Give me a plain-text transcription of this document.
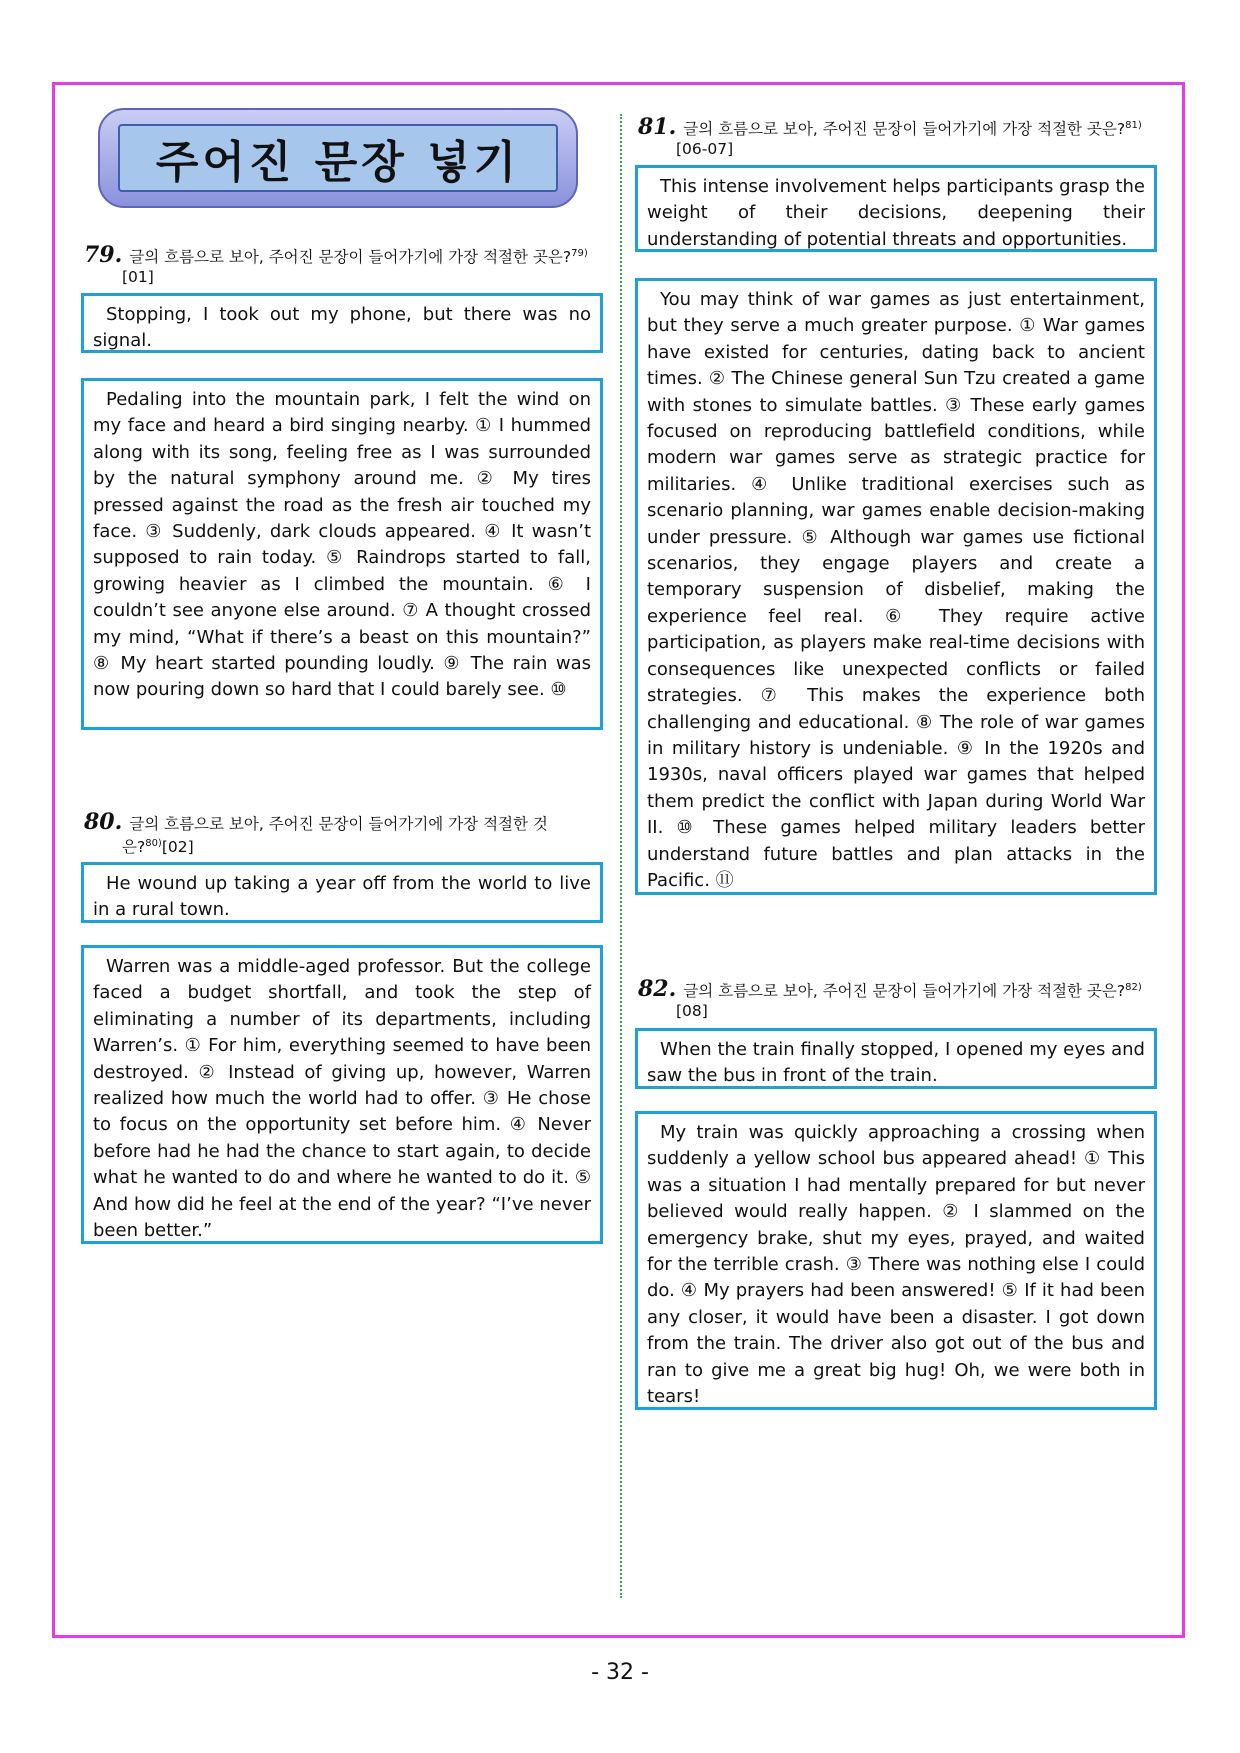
주어진 문장 넣기
79. 글의 흐름으로 보아, 주어진 문장이 들어가기에 가장 적절한 곳은?$^{79)}$
[01]

Stopping, I took out my phone, but there was no signal.

Pedaling into the mountain park, I felt the wind on my face and heard a bird singing nearby. ① I hummed along with its song, feeling free as I was surrounded by the natural symphony around me. ② My tires pressed against the road as the fresh air touched my face. ③ Suddenly, dark clouds appeared. ④ It wasn’t supposed to rain today. ⑤ Raindrops started to fall, growing heavier as I climbed the mountain. ⑥ I couldn’t see anyone else around. ⑦ A thought crossed my mind, “What if there’s a beast on this mountain?” ⑧ My heart started pounding loudly. ⑨ The rain was now pouring down so hard that I could barely see. ⑩

80. 글의 흐름으로 보아, 주어진 문장이 들어가기에 가장 적절한 것
은?$^{80)}$[02]

He wound up taking a year off from the world to live in a rural town.

Warren was a middle-aged professor. But the college faced a budget shortfall, and took the step of eliminating a number of its departments, including Warren’s. ① For him, everything seemed to have been destroyed. ② Instead of giving up, however, Warren realized how much the world had to offer. ③ He chose to focus on the opportunity set before him. ④ Never before had he had the chance to start again, to decide what he wanted to do and where he wanted to do it. ⑤ And how did he feel at the end of the year? “I’ve never been better.”

81. 글의 흐름으로 보아, 주어진 문장이 들어가기에 가장 적절한 곳은?$^{81)}$
[06-07]

This intense involvement helps participants grasp the weight of their decisions, deepening their understanding of potential threats and opportunities.

You may think of war games as just entertainment, but they serve a much greater purpose. ① War games have existed for centuries, dating back to ancient times. ② The Chinese general Sun Tzu created a game with stones to simulate battles. ③ These early games focused on reproducing battlefield conditions, while modern war games serve as strategic practice for militaries. ④ Unlike traditional exercises such as scenario planning, war games enable decision-making under pressure. ⑤ Although war games use fictional scenarios, they engage players and create a temporary suspension of disbelief, making the experience feel real. ⑥ They require active participation, as players make real-time decisions with consequences like unexpected conflicts or failed strategies. ⑦ This makes the experience both challenging and educational. ⑧ The role of war games in military history is undeniable. ⑨ In the 1920s and 1930s, naval officers played war games that helped them predict the conflict with Japan during World War II. ⑩ These games helped military leaders better understand future battles and plan attacks in the Pacific. ⑪

82. 글의 흐름으로 보아, 주어진 문장이 들어가기에 가장 적절한 곳은?$^{82)}$
[08]

When the train finally stopped, I opened my eyes and saw the bus in front of the train.

My train was quickly approaching a crossing when suddenly a yellow school bus appeared ahead! ① This was a situation I had mentally prepared for but never believed would really happen. ② I slammed on the emergency brake, shut my eyes, prayed, and waited for the terrible crash. ③ There was nothing else I could do. ④ My prayers had been answered! ⑤ If it had been any closer, it would have been a disaster. I got down from the train. The driver also got out of the bus and ran to give me a great big hug! Oh, we were both in tears!

- 32 -
